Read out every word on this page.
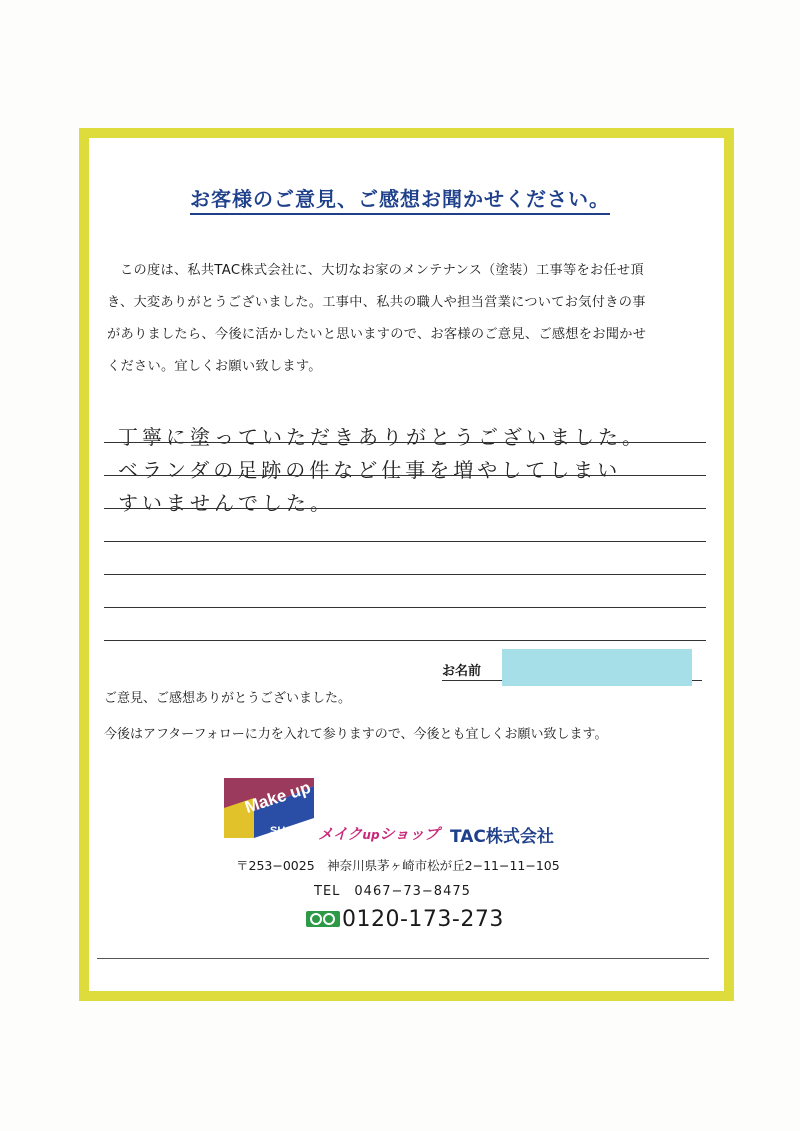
お客様のご意見、ご感想お聞かせください。
この度は、私共TAC株式会社に、大切なお家のメンテナンス（塗装）工事等をお任せ頂
き、大変ありがとうございました。工事中、私共の職人や担当営業についてお気付きの事
がありましたら、今後に活かしたいと思いますので、お客様のご意見、ご感想をお聞かせ
ください。宜しくお願い致します。
丁寧に塗っていただきありがとうございました。
ベランダの足跡の件など仕事を増やしてしまい
すいませんでした。
お名前
ご意見、ご感想ありがとうございました。
今後はアフターフォローに力を入れて参りますので、今後とも宜しくお願い致します。
Make up
SHOP メイクupショップ TAC株式会社
〒253−0025　神奈川県茅ヶ崎市松が丘2−11−11−105
TEL　0467−73−8475
0120-173-273
